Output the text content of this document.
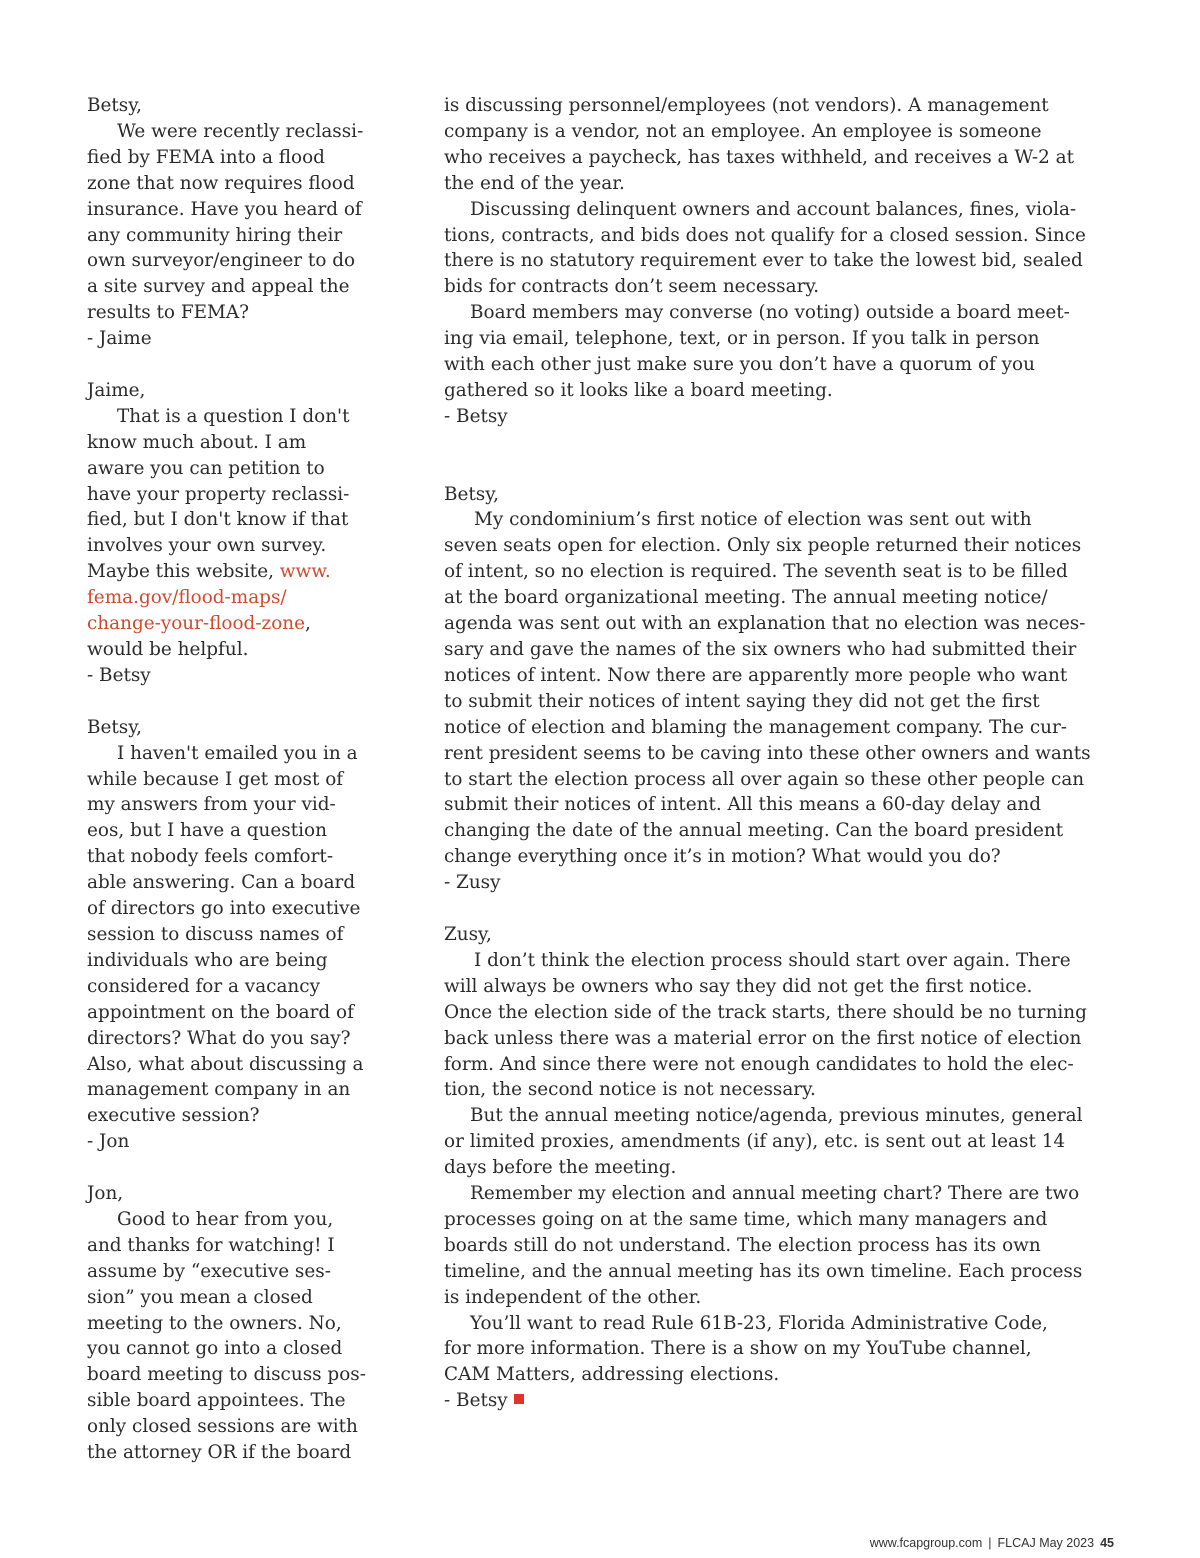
Betsy,
We were recently reclassi-
fied by FEMA into a flood
zone that now requires flood
insurance. Have you heard of
any community hiring their
own surveyor/engineer to do
a site survey and appeal the
results to FEMA?
- Jaime
Jaime,
That is a question I don't
know much about. I am
aware you can petition to
have your property reclassi-
fied, but I don't know if that
involves your own survey.
Maybe this website, www.
fema.gov/flood-maps/
change-your-flood-zone,
would be helpful.
- Betsy
Betsy,
I haven't emailed you in a
while because I get most of
my answers from your vid-
eos, but I have a question
that nobody feels comfort-
able answering. Can a board
of directors go into executive
session to discuss names of
individuals who are being
considered for a vacancy
appointment on the board of
directors? What do you say?
Also, what about discussing a
management company in an
executive session?
- Jon
Jon,
Good to hear from you,
and thanks for watching! I
assume by “executive ses-
sion” you mean a closed
meeting to the owners. No,
you cannot go into a closed
board meeting to discuss pos-
sible board appointees. The
only closed sessions are with
the attorney OR if the board
is discussing personnel/employees (not vendors). A management
company is a vendor, not an employee. An employee is someone
who receives a paycheck, has taxes withheld, and receives a W-2 at
the end of the year.
Discussing delinquent owners and account balances, fines, viola-
tions, contracts, and bids does not qualify for a closed session. Since
there is no statutory requirement ever to take the lowest bid, sealed
bids for contracts don’t seem necessary.
Board members may converse (no voting) outside a board meet-
ing via email, telephone, text, or in person. If you talk in person
with each other just make sure you don’t have a quorum of you
gathered so it looks like a board meeting.
- Betsy
Betsy,
My condominium’s first notice of election was sent out with
seven seats open for election. Only six people returned their notices
of intent, so no election is required. The seventh seat is to be filled
at the board organizational meeting. The annual meeting notice/
agenda was sent out with an explanation that no election was neces-
sary and gave the names of the six owners who had submitted their
notices of intent. Now there are apparently more people who want
to submit their notices of intent saying they did not get the first
notice of election and blaming the management company. The cur-
rent president seems to be caving into these other owners and wants
to start the election process all over again so these other people can
submit their notices of intent. All this means a 60-day delay and
changing the date of the annual meeting. Can the board president
change everything once it’s in motion? What would you do?
- Zusy
Zusy,
I don’t think the election process should start over again. There
will always be owners who say they did not get the first notice.
Once the election side of the track starts, there should be no turning
back unless there was a material error on the first notice of election
form. And since there were not enough candidates to hold the elec-
tion, the second notice is not necessary.
But the annual meeting notice/agenda, previous minutes, general
or limited proxies, amendments (if any), etc. is sent out at least 14
days before the meeting.
Remember my election and annual meeting chart? There are two
processes going on at the same time, which many managers and
boards still do not understand. The election process has its own
timeline, and the annual meeting has its own timeline. Each process
is independent of the other.
You’ll want to read Rule 61B-23, Florida Administrative Code,
for more information. There is a show on my YouTube channel,
CAM Matters, addressing elections.
- Betsy
www.fcapgroup.com | FLCAJ May 2023 45
